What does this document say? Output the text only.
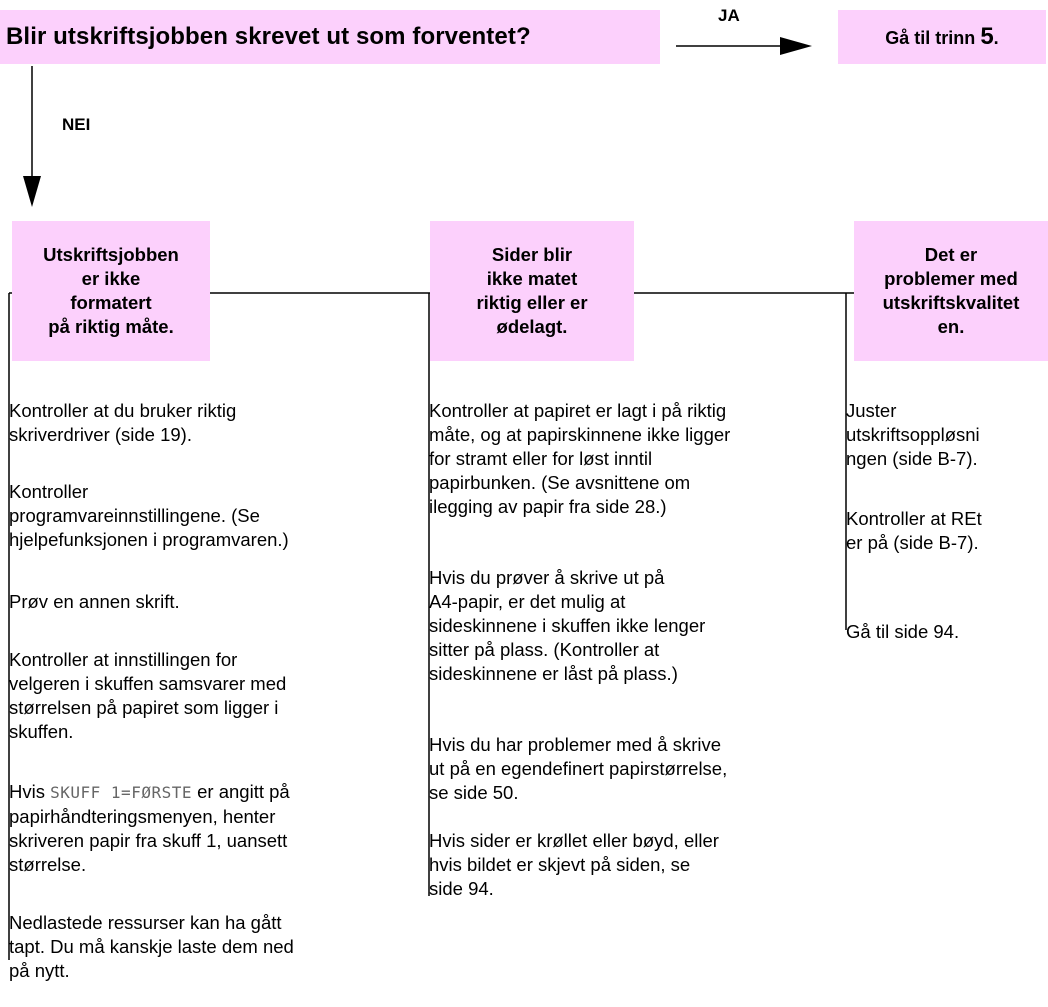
Blir utskriftsjobben skrevet ut som forventet?
JA
Gå til trinn 5.
NEI
Utskriftsjobben
er ikke
formatert
på riktig måte.
Sider blir
ikke matet
riktig eller er
ødelagt.
Det er
problemer med
utskriftskvalitet
en.
Kontroller at du bruker riktig
skriverdriver (side 19).
Kontroller
programvareinnstillingene. (Se
hjelpefunksjonen i programvaren.)
Prøv en annen skrift.
Kontroller at innstillingen for
velgeren i skuffen samsvarer med
størrelsen på papiret som ligger i
skuffen.
Hvis SKUFF 1=FØRSTE er angitt på
papirhåndteringsmenyen, henter
skriveren papir fra skuff 1, uansett
størrelse.
Nedlastede ressurser kan ha gått
tapt. Du må kanskje laste dem ned
på nytt.
Kontroller at papiret er lagt i på riktig
måte, og at papirskinnene ikke ligger
for stramt eller for løst inntil
papirbunken. (Se avsnittene om
ilegging av papir fra side 28.)
Hvis du prøver å skrive ut på
A4-papir, er det mulig at
sideskinnene i skuffen ikke lenger
sitter på plass. (Kontroller at
sideskinnene er låst på plass.)
Hvis du har problemer med å skrive
ut på en egendefinert papirstørrelse,
se side 50.
Hvis sider er krøllet eller bøyd, eller
hvis bildet er skjevt på siden, se
side 94.
Juster
utskriftsoppløsni
ngen (side B-7).
Kontroller at REt
er på (side B-7).
Gå til side 94.
